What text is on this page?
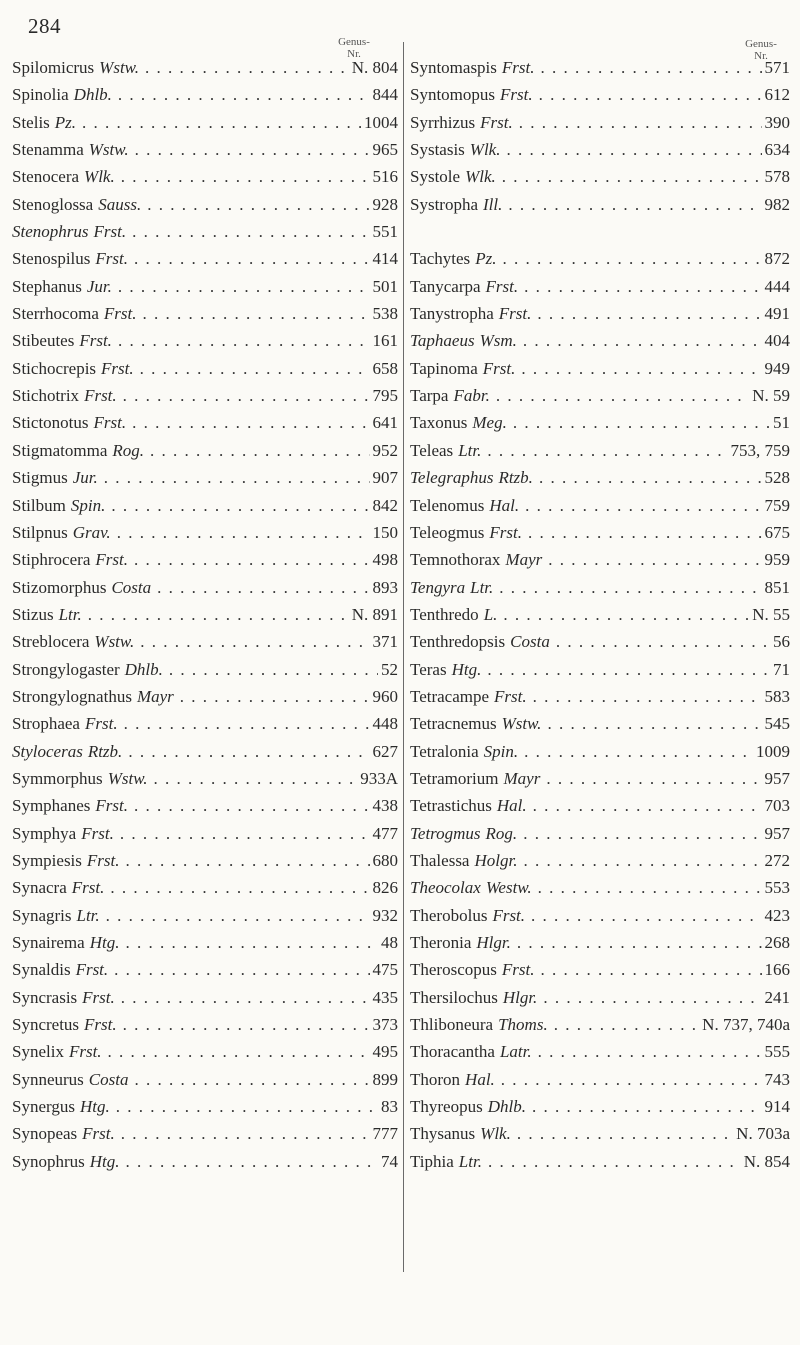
284
Genus-
Nr.
Genus-
Nr.
Spilomicrus Wstw. . . .	N. 804
Spinolia Dhlb. . . .	844
Stelis Pz. . . .	1004
Stenamma Wstw. . . .	965
Stenocera Wlk. . . .	516
Stenoglossa Sauss. . . .	928
Stenophrus Frst. . . .	551
Stenospilus Frst. . . .	414
Stephanus Jur. . . .	501
Sterrhocoma Frst. . . .	538
Stibeutes Frst. . . .	161
Stichocrepis Frst. . . .	658
Stichotrix Frst. . . .	795
Stictonotus Frst. . . .	641
Stigmatomma Rog. . . .	952
Stigmus Jur. . . .	907
Stilbum Spin. . . .	842
Stilpnus Grav. . . .	150
Stiphrocera Frst. . . .	498
Stizomorphus Costa . . .	893
Stizus Ltr. . . .	N. 891
Streblocera Wstw. . . .	371
Strongylogaster Dhlb. . . .	52
Strongylognathus Mayr . . .	960
Strophaea Frst. . . .	448
Styloceras Rtzb. . . .	627
Symmorphus Wstw. . . .	933A
Symphanes Frst. . . .	438
Symphya Frst. . . .	477
Sympiesis Frst. . . .	680
Synacra Frst. . . .	826
Synagris Ltr. . . .	932
Synairema Htg. . . .	48
Synaldis Frst. . . .	475
Syncrasis Frst. . . .	435
Syncretus Frst. . . .	373
Synelix Frst. . . .	495
Synneurus Costa . . .	899
Synergus Htg. . . .	83
Synopeas Frst. . . .	777
Synophrus Htg. . . .	74
Syntomaspis Frst. . . .	571
Syntomopus Frst. . . .	612
Syrrhizus Frst. . . .	390
Systasis Wlk. . . .	634
Systole Wlk. . . .	578
Systropha Ill. . . .	982
Tachytes Pz. . . .	872
Tanycarpa Frst. . . .	444
Tanystropha Frst. . . .	491
Taphaeus Wsm. . . .	404
Tapinoma Frst. . . .	949
Tarpa Fabr. . . .	N. 59
Taxonus Meg. . . .	51
Teleas Ltr. . . .	753, 759
Telegraphus Rtzb. . . .	528
Telenomus Hal. . . .	759
Teleogmus Frst. . . .	675
Temnothorax Mayr . . .	959
Tengyra Ltr. . . .	851
Tenthredo L. . . .	N. 55
Tenthredopsis Costa . . .	56
Teras Htg. . . .	71
Tetracampe Frst. . . .	583
Tetracnemus Wstw. . . .	545
Tetralonia Spin. . . .	1009
Tetramorium Mayr . . .	957
Tetrastichus Hal. . . .	703
Tetrogmus Rog. . . .	957
Thalessa Holgr. . . .	272
Theocolax Westw. . . .	553
Therobolus Frst. . . .	423
Theronia Hlgr. . . .	268
Theroscopus Frst. . . .	166
Thersilochus Hlgr. . . .	241
Thliboneura Thoms. . . .	N. 737, 740a
Thoracantha Latr. . . .	555
Thoron Hal. . . .	743
Thyreopus Dhlb. . . .	914
Thysanus Wlk. . . .	N. 703a
Tiphia Ltr. . . .	N. 854
